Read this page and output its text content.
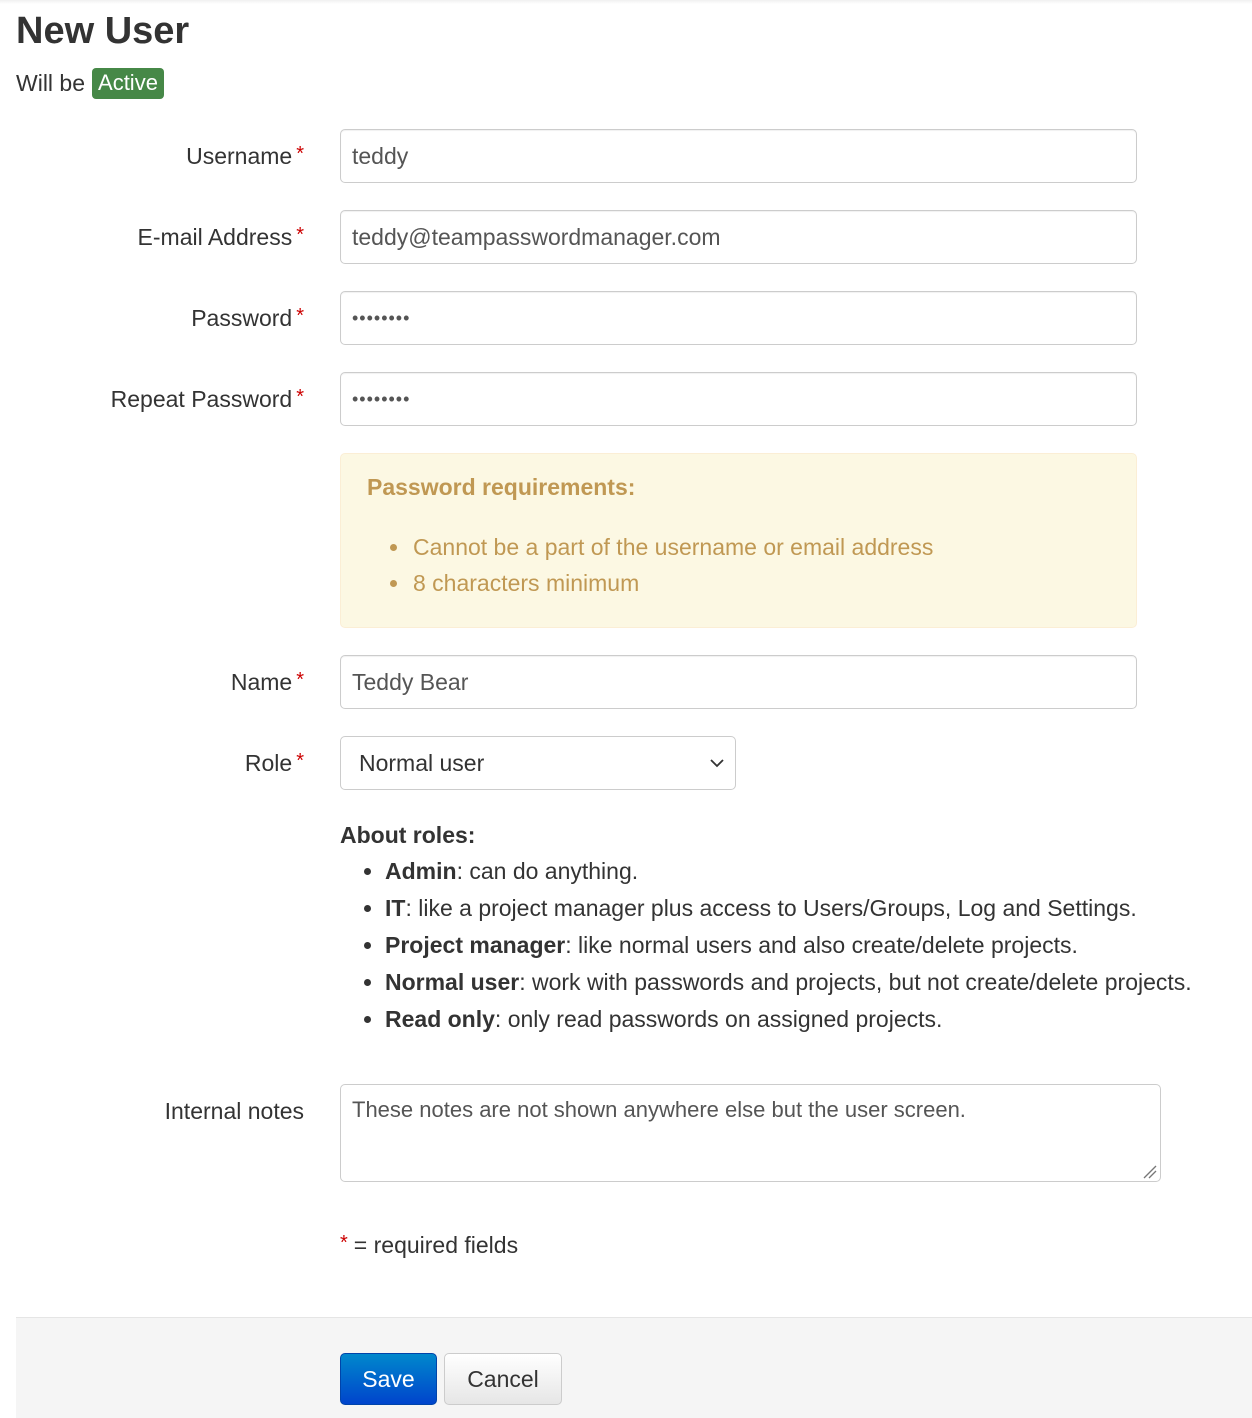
New User
Will be Active
Username *
teddy
E-mail Address *
teddy@teampasswordmanager.com
Password *	••••••••
Repeat Password *	••••••••
Password requirements:
Cannot be a part of the username or email address
8 characters minimum
Name *
Teddy Bear
Role * Normal user
About roles:
Admin: can do anything.
IT: like a project manager plus access to Users/Groups, Log and Settings.
Project manager: like normal users and also create/delete projects.
Normal user: work with passwords and projects, but not create/delete projects.
Read only: only read passwords on assigned projects.
Internal notes
These notes are not shown anywhere else but the user screen.
* = required fields
Save	Cancel
